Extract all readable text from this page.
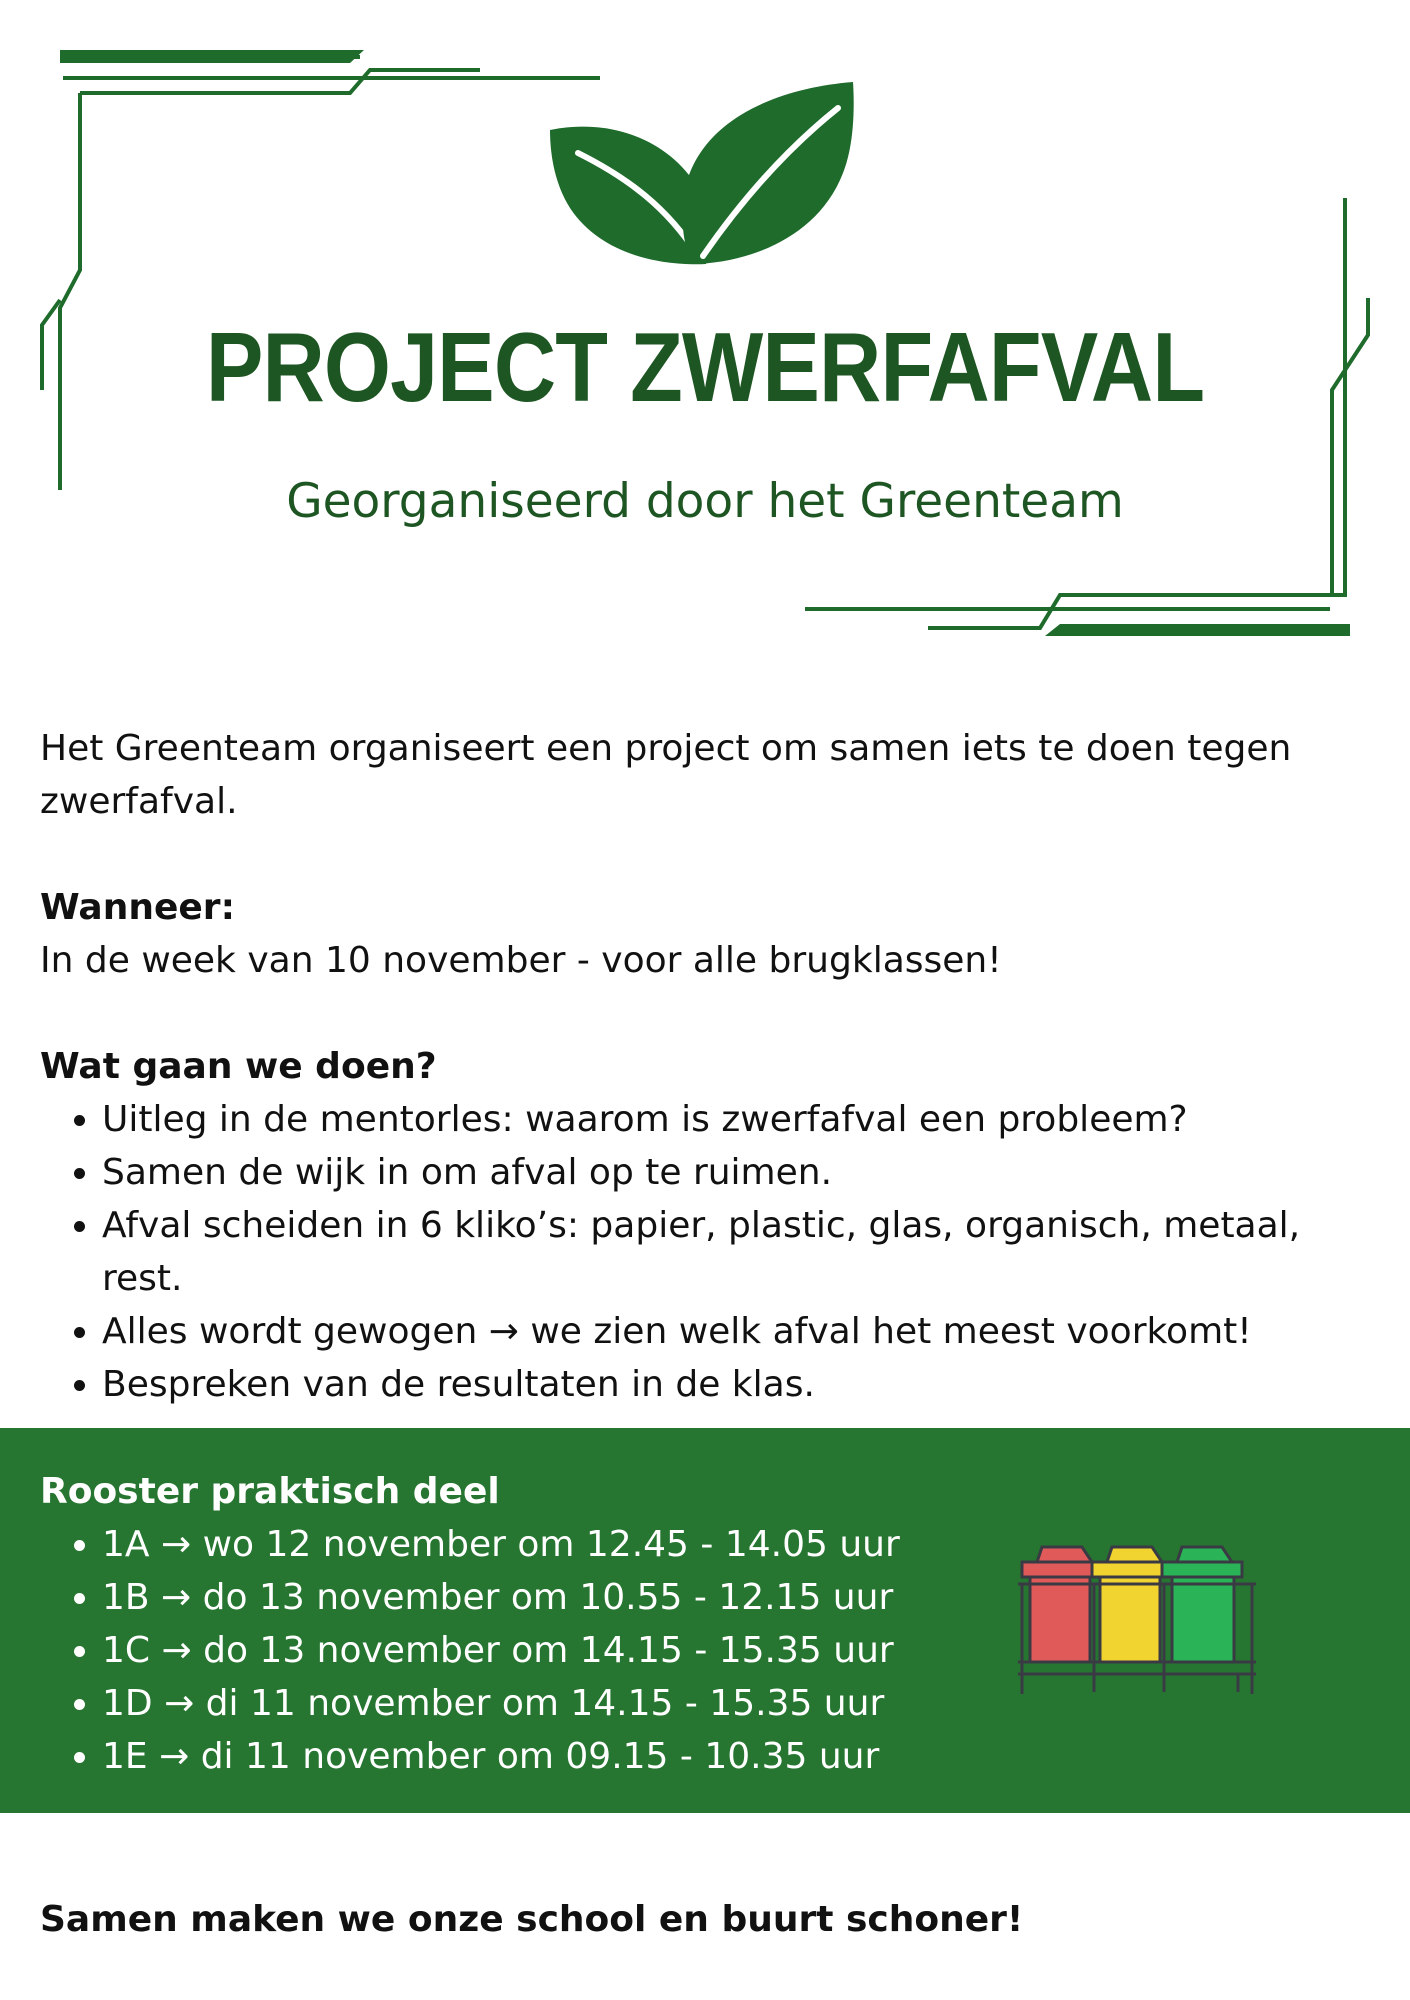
PROJECT ZWERFAFVAL

Georganiseerd door het Greenteam

Het Greenteam organiseert een project om samen iets te doen tegen zwerfafval.

Wanneer:

In de week van 10 november - voor alle brugklassen!

Wat gaan we doen?

• Uitleg in de mentorles: waarom is zwerfafval een probleem?
• Samen de wijk in om afval op te ruimen.
• Afval scheiden in 6 kliko’s: papier, plastic, glas, organisch, metaal, rest.
• Alles wordt gewogen → we zien welk afval het meest voorkomt!
• Bespreken van de resultaten in de klas.

Rooster praktisch deel

• 1A → wo 12 november om 12.45 - 14.05 uur
• 1B → do 13 november om 10.55 - 12.15 uur
• 1C → do 13 november om 14.15 - 15.35 uur
• 1D → di 11 november om 14.15 - 15.35 uur
• 1E → di 11 november om 09.15 - 10.35 uur

Samen maken we onze school en buurt schoner!
